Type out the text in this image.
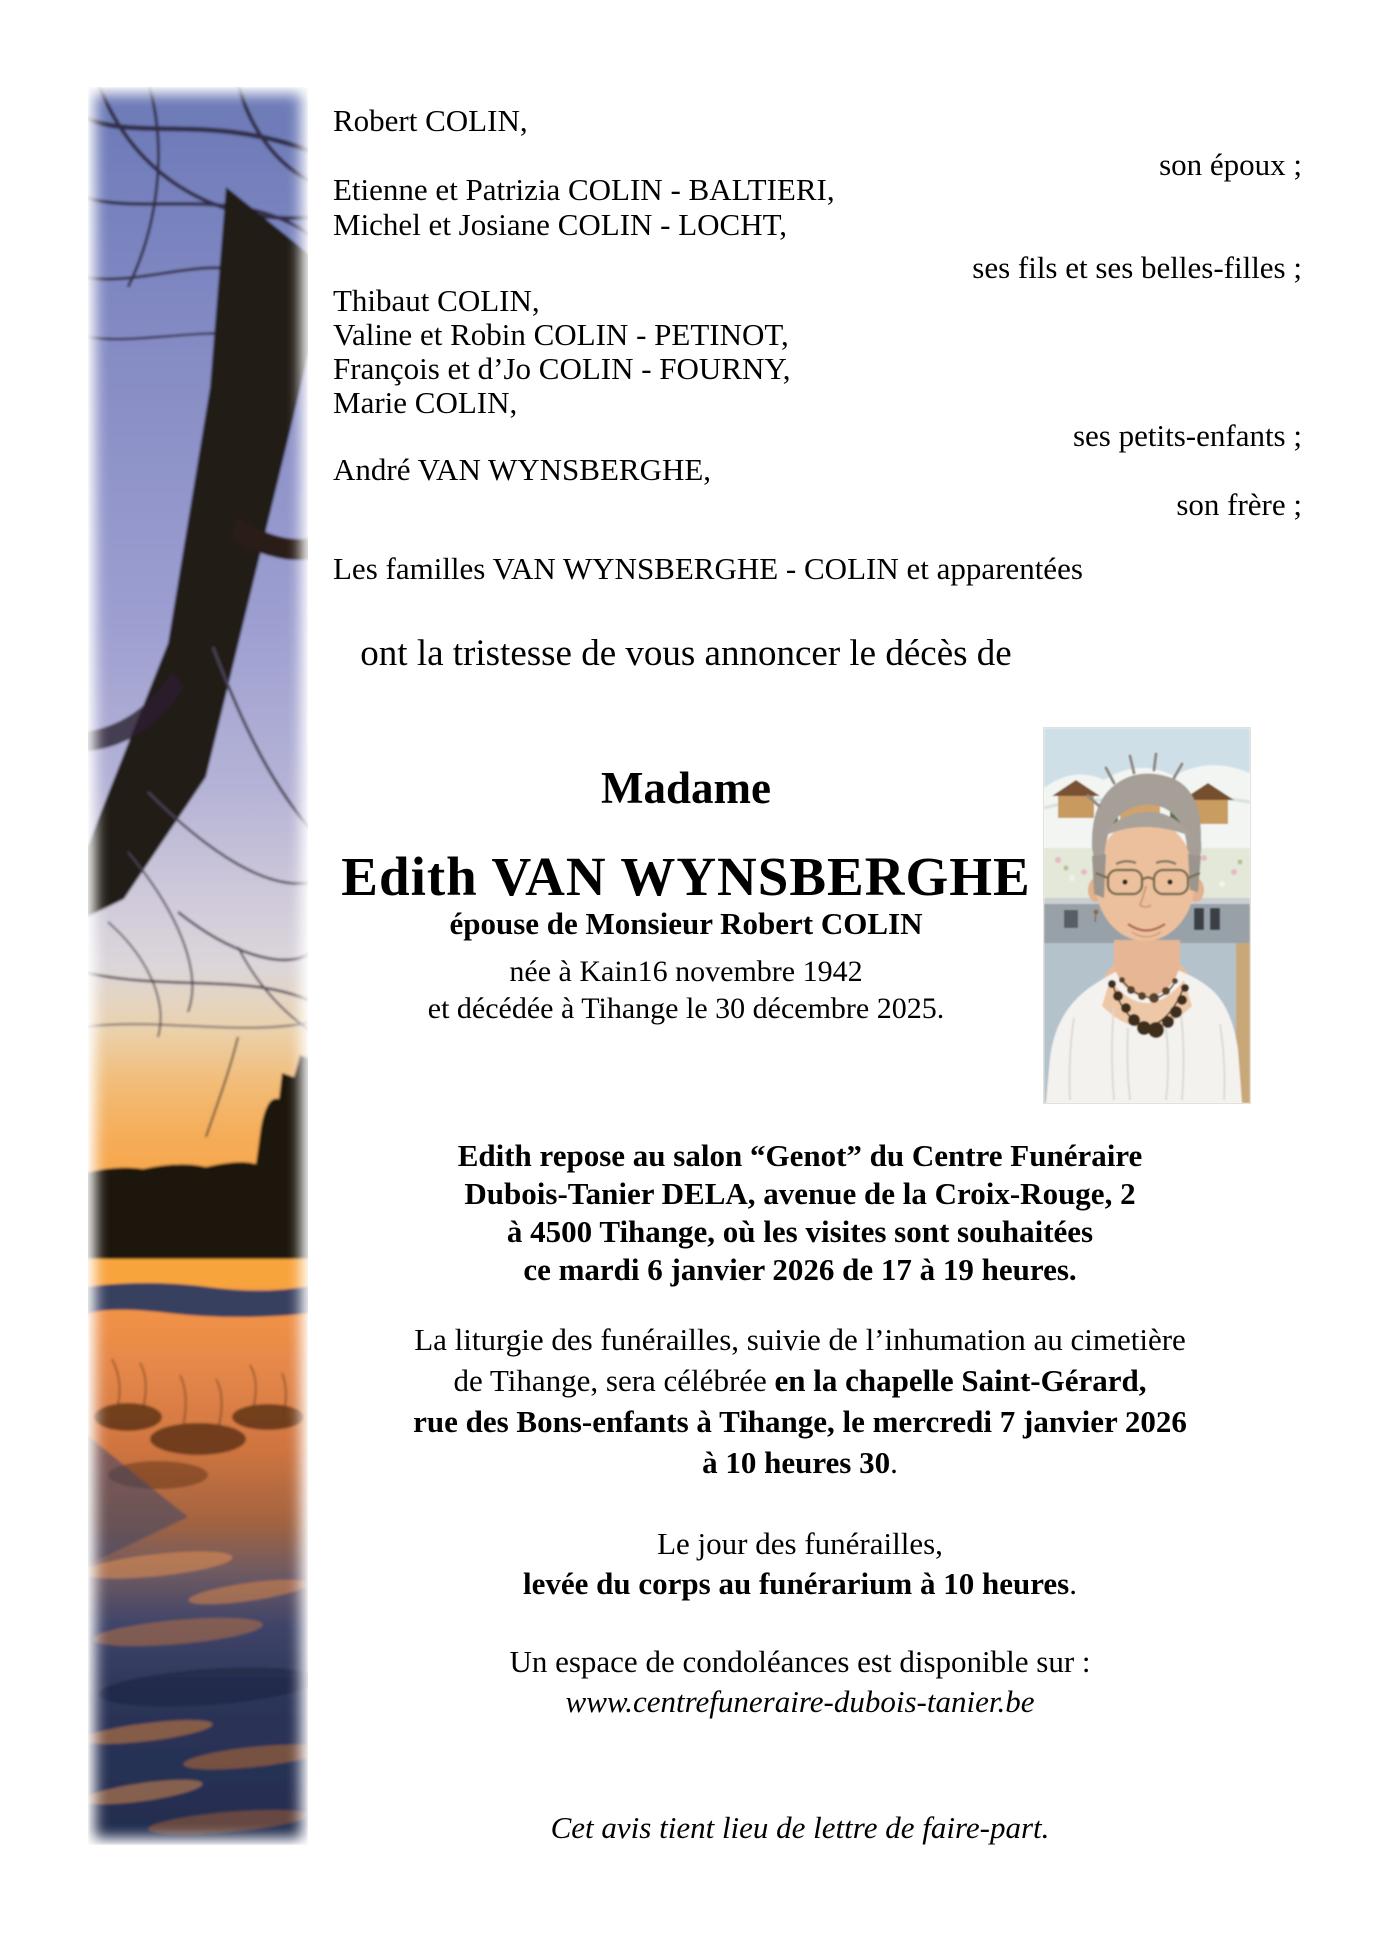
Robert COLIN,
son époux ;
Etienne et Patrizia COLIN - BALTIERI,
Michel et Josiane COLIN - LOCHT,
ses fils et ses belles-filles ;
Thibaut COLIN,
Valine et Robin COLIN - PETINOT,
François et d’Jo COLIN - FOURNY,
Marie COLIN,
ses petits-enfants ;
André VAN WYNSBERGHE,
son frère ;
Les familles VAN WYNSBERGHE - COLIN et apparentées
ont la tristesse de vous annoncer le décès de
Madame
Edith VAN WYNSBERGHE
épouse de Monsieur Robert COLIN
née à Kain16 novembre 1942
et décédée à Tihange le 30 décembre 2025.
Edith repose au salon “Genot” du Centre Funéraire
Dubois-Tanier DELA, avenue de la Croix-Rouge, 2
à 4500 Tihange, où les visites sont souhaitées
ce mardi 6 janvier 2026 de 17 à 19 heures.
La liturgie des funérailles, suivie de l’inhumation au cimetière
de Tihange, sera célébrée en la chapelle Saint-Gérard,
rue des Bons-enfants à Tihange, le mercredi 7 janvier 2026
à 10 heures 30.
Le jour des funérailles,
levée du corps au funérarium à 10 heures.
Un espace de condoléances est disponible sur :
www.centrefuneraire-dubois-tanier.be
Cet avis tient lieu de lettre de faire-part.
